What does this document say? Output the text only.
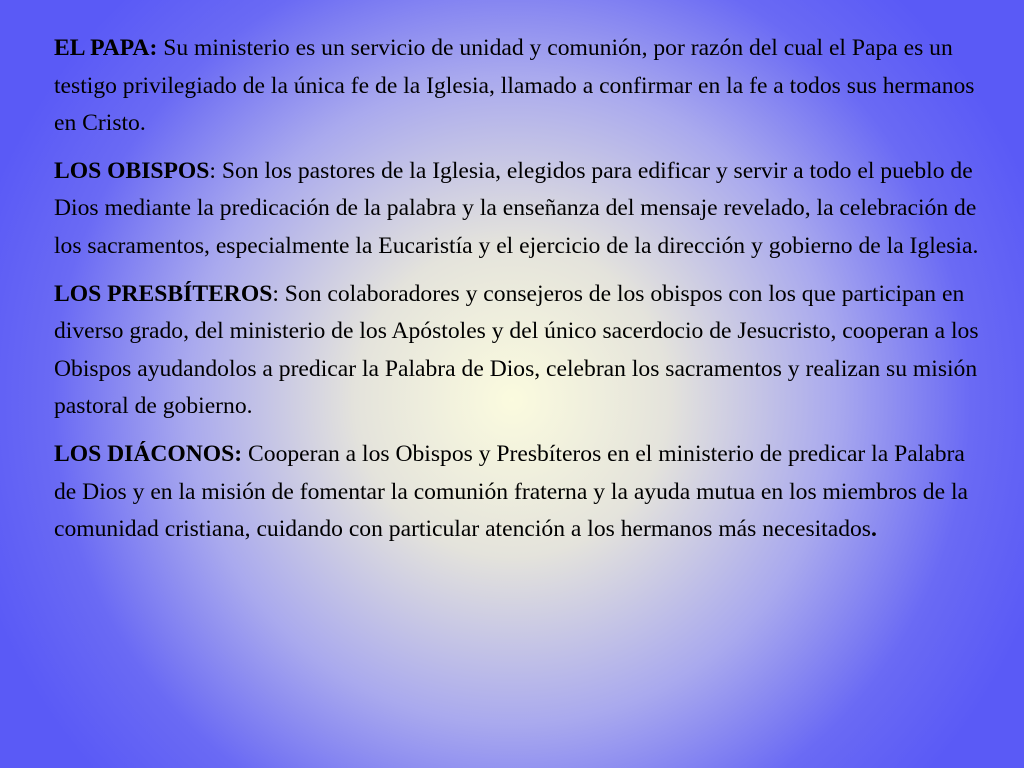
EL PAPA: Su ministerio es un servicio de unidad y comunión, por razón del cual el Papa es un testigo privilegiado de la única fe de la Iglesia, llamado a confirmar en la fe a todos sus hermanos en Cristo.

LOS OBISPOS: Son los pastores de la Iglesia, elegidos para edificar y servir a todo el pueblo de Dios mediante la predicación de la palabra y la enseñanza del mensaje revelado, la celebración de los sacramentos, especialmente la Eucaristía y el ejercicio de la dirección y gobierno de la Iglesia.

LOS PRESBÍTEROS: Son colaboradores y consejeros de los obispos con los que participan en diverso grado, del ministerio de los Apóstoles y del único sacerdocio de Jesucristo, cooperan a los Obispos ayudandolos a predicar la Palabra de Dios, celebran los sacramentos y realizan su misión pastoral de gobierno.

LOS DIÁCONOS: Cooperan a los Obispos y Presbíteros en el ministerio de predicar la Palabra de Dios y en la misión de fomentar la comunión fraterna y la ayuda mutua en los miembros de la comunidad cristiana, cuidando con particular atención a los hermanos más necesitados.
